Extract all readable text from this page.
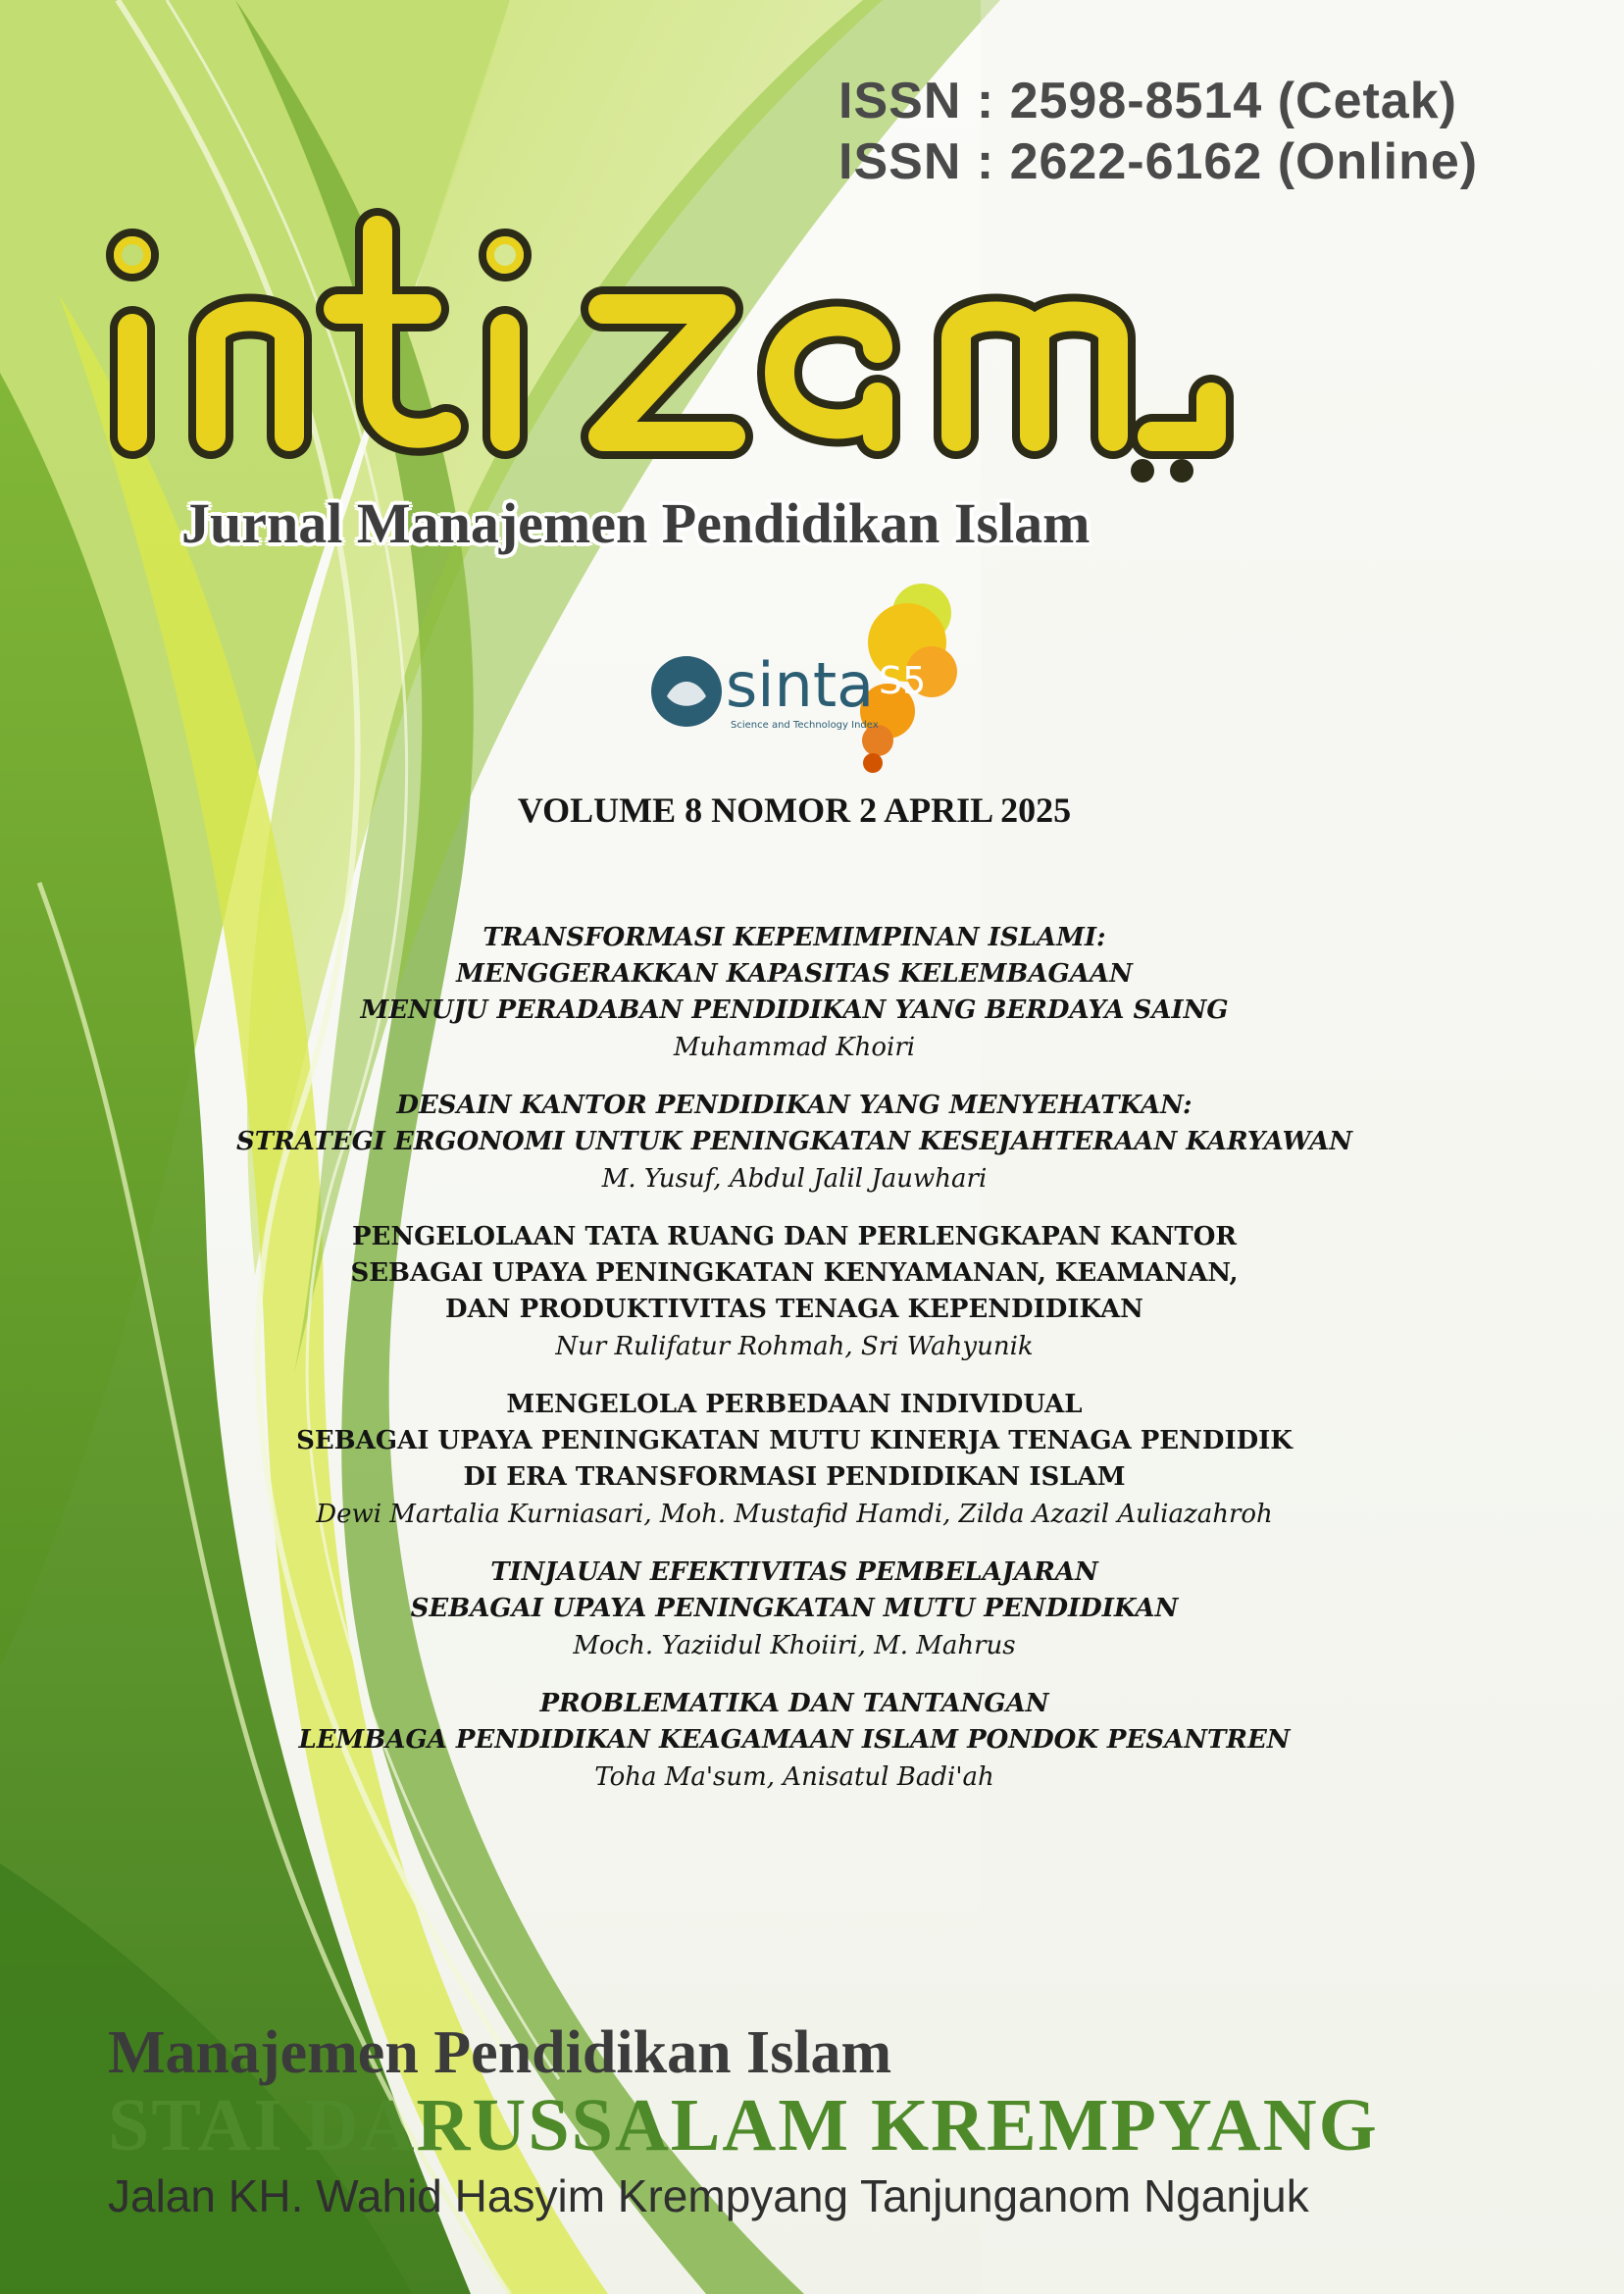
ISSN : 2598-8514 (Cetak)
ISSN : 2622-6162 (Online)
Jurnal Manajemen Pendidikan Islam
sinta
Science and Technology Index
S5
VOLUME 8 NOMOR 2 APRIL 2025
TRANSFORMASI KEPEMIMPINAN ISLAMI:
MENGGERAKKAN KAPASITAS KELEMBAGAAN
MENUJU PERADABAN PENDIDIKAN YANG BERDAYA SAING
Muhammad Khoiri
DESAIN KANTOR PENDIDIKAN YANG MENYEHATKAN:
STRATEGI ERGONOMI UNTUK PENINGKATAN KESEJAHTERAAN KARYAWAN
M. Yusuf, Abdul Jalil Jauwhari
PENGELOLAAN TATA RUANG DAN PERLENGKAPAN KANTOR
SEBAGAI UPAYA PENINGKATAN KENYAMANAN, KEAMANAN,
DAN PRODUKTIVITAS TENAGA KEPENDIDIKAN
Nur Rulifatur Rohmah, Sri Wahyunik
MENGELOLA PERBEDAAN INDIVIDUAL
SEBAGAI UPAYA PENINGKATAN MUTU KINERJA TENAGA PENDIDIK
DI ERA TRANSFORMASI PENDIDIKAN ISLAM
Dewi Martalia Kurniasari, Moh. Mustafid Hamdi, Zilda Azazil Auliazahroh
TINJAUAN EFEKTIVITAS PEMBELAJARAN
SEBAGAI UPAYA PENINGKATAN MUTU PENDIDIKAN
Moch. Yaziidul Khoiiri, M. Mahrus
PROBLEMATIKA DAN TANTANGAN
LEMBAGA PENDIDIKAN KEAGAMAAN ISLAM PONDOK PESANTREN
Toha Ma'sum, Anisatul Badi'ah
Manajemen Pendidikan Islam
STAI DARUSSALAM KREMPYANG
Jalan KH. Wahid Hasyim Krempyang Tanjunganom Nganjuk
